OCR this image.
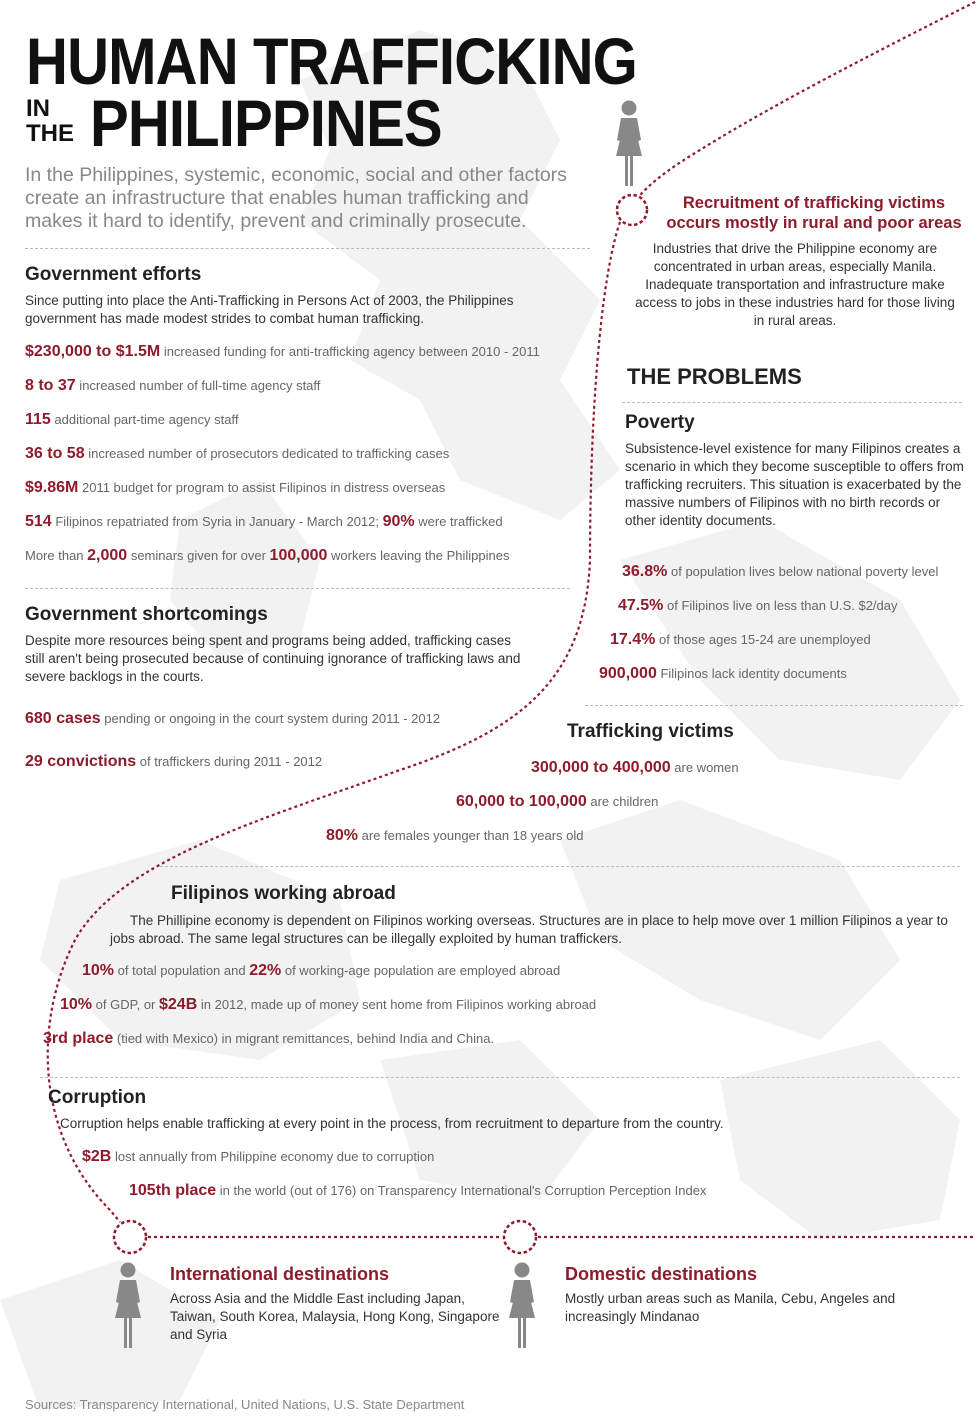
HUMAN TRAFFICKING
IN
THE PHILIPPINES
In the Philippines, systemic, economic, social and other factors create an infrastructure that enables human trafficking and makes it hard to identify, prevent and criminally prosecute.
Government efforts
Since putting into place the Anti-Trafficking in Persons Act of 2003, the Philippines government has made modest strides to combat human trafficking.
$230,000 to $1.5M increased funding for anti-trafficking agency between 2010 - 2011
8 to 37 increased number of full-time agency staff
115 additional part-time agency staff
36 to 58 increased number of prosecutors dedicated to trafficking cases
$9.86M 2011 budget for program to assist Filipinos in distress overseas
514 Filipinos repatriated from Syria in January - March 2012; 90% were trafficked
More than 2,000 seminars given for over 100,000 workers leaving the Philippines
Government shortcomings
Despite more resources being spent and programs being added, trafficking cases still aren't being prosecuted because of continuing ignorance of trafficking laws and severe backlogs in the courts.
680 cases pending or ongoing in the court system during 2011 - 2012
29 convictions of traffickers during 2011 - 2012
Recruitment of trafficking victims
occurs mostly in rural and poor areas
Industries that drive the Philippine economy are concentrated in urban areas, especially Manila. Inadequate transportation and infrastructure make access to jobs in these industries hard for those living in rural areas.
THE PROBLEMS
Poverty
Subsistence-level existence for many Filipinos creates a scenario in which they become susceptible to offers from trafficking recruiters. This situation is exacerbated by the massive numbers of Filipinos with no birth records or other identity documents.
36.8% of population lives below national poverty level
47.5% of Filipinos live on less than U.S. $2/day
17.4% of those ages 15-24 are unemployed
900,000 Filipinos lack identity documents
Trafficking victims
300,000 to 400,000 are women
60,000 to 100,000 are children
80% are females younger than 18 years old
Filipinos working abroad
The Phillipine economy is dependent on Filipinos working overseas. Structures are in place to help move over 1 million Filipinos a year to jobs abroad. The same legal structures can be illegally exploited by human traffickers.
10% of total population and 22% of working-age population are employed abroad
10% of GDP, or $24B in 2012, made up of money sent home from Filipinos working abroad
3rd place (tied with Mexico) in migrant remittances, behind India and China.
Corruption
Corruption helps enable trafficking at every point in the process, from recruitment to departure from the country.
$2B lost annually from Philippine economy due to corruption
105th place in the world (out of 176) on Transparency International's Corruption Perception Index
International destinations
Across Asia and the Middle East including Japan, Taiwan, South Korea, Malaysia, Hong Kong, Singapore and Syria
Domestic destinations
Mostly urban areas such as Manila, Cebu, Angeles and increasingly Mindanao
Sources: Transparency International, United Nations, U.S. State Department
